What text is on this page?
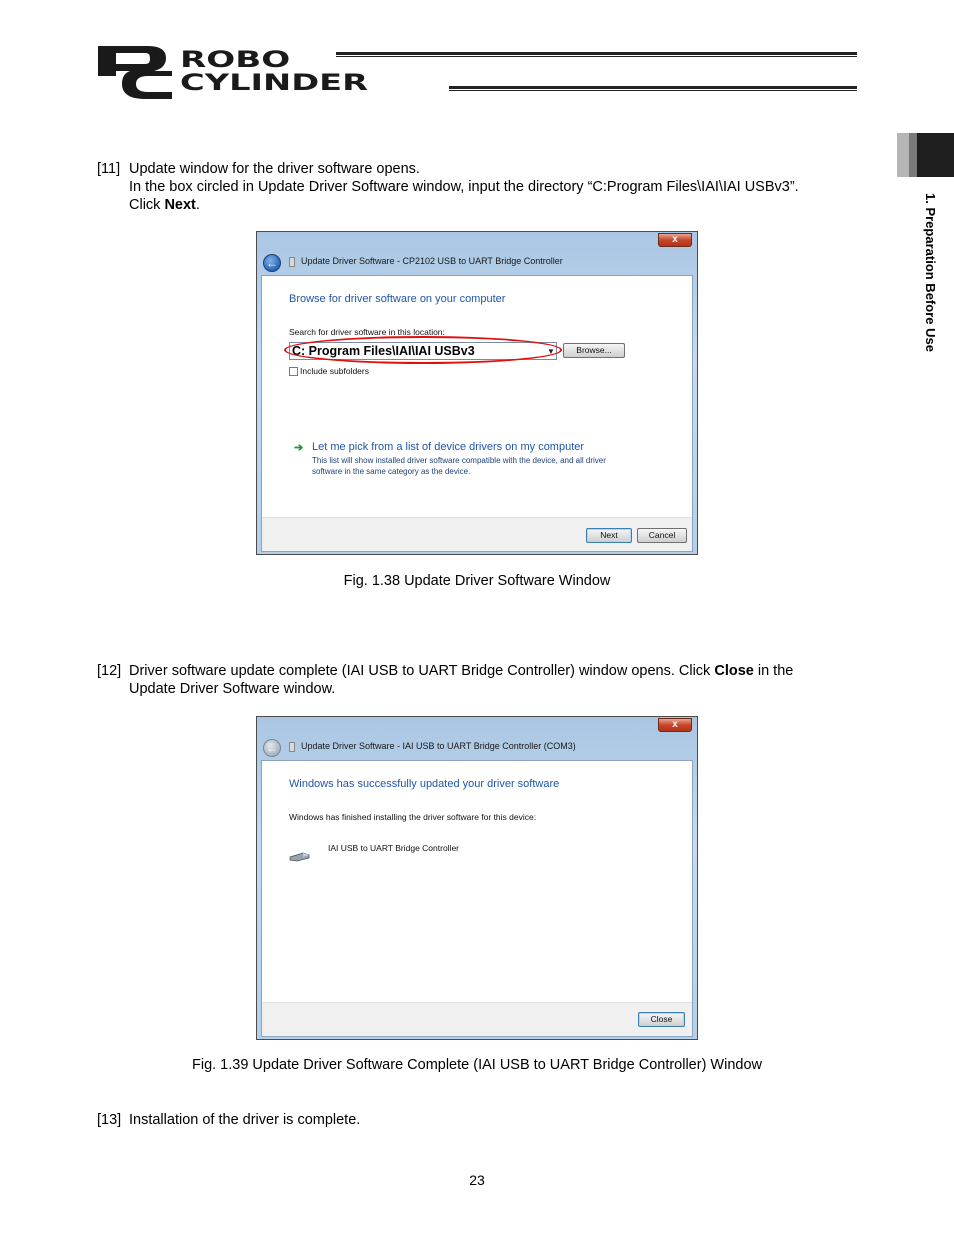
ROBO
CYLINDER
1. Preparation Before Use
[11] Update window for the driver software opens.
In the box circled in Update Driver Software window, input the directory “C:Program Files\IAI\IAI USBv3”.
Click Next.
x
←	Update Driver Software - CP2102 USB to UART Bridge Controller
Browse for driver software on your computer
Search for driver software in this location:
C: Program Files\IAI\IAI USBv3	▼	Browse...
Include subfolders
➔ Let me pick from a list of device drivers on my computer
This list will show installed driver software compatible with the device, and all driver
software in the same category as the device.
Next	Cancel
Fig. 1.38 Update Driver Software Window
[12] Driver software update complete (IAI USB to UART Bridge Controller) window opens. Click Close in the
Update Driver Software window.
x
←	Update Driver Software - IAI USB to UART Bridge Controller (COM3)
Windows has successfully updated your driver software
Windows has finished installing the driver software for this device:
IAI USB to UART Bridge Controller
Close
Fig. 1.39 Update Driver Software Complete (IAI USB to UART Bridge Controller) Window
[13] Installation of the driver is complete.
23
